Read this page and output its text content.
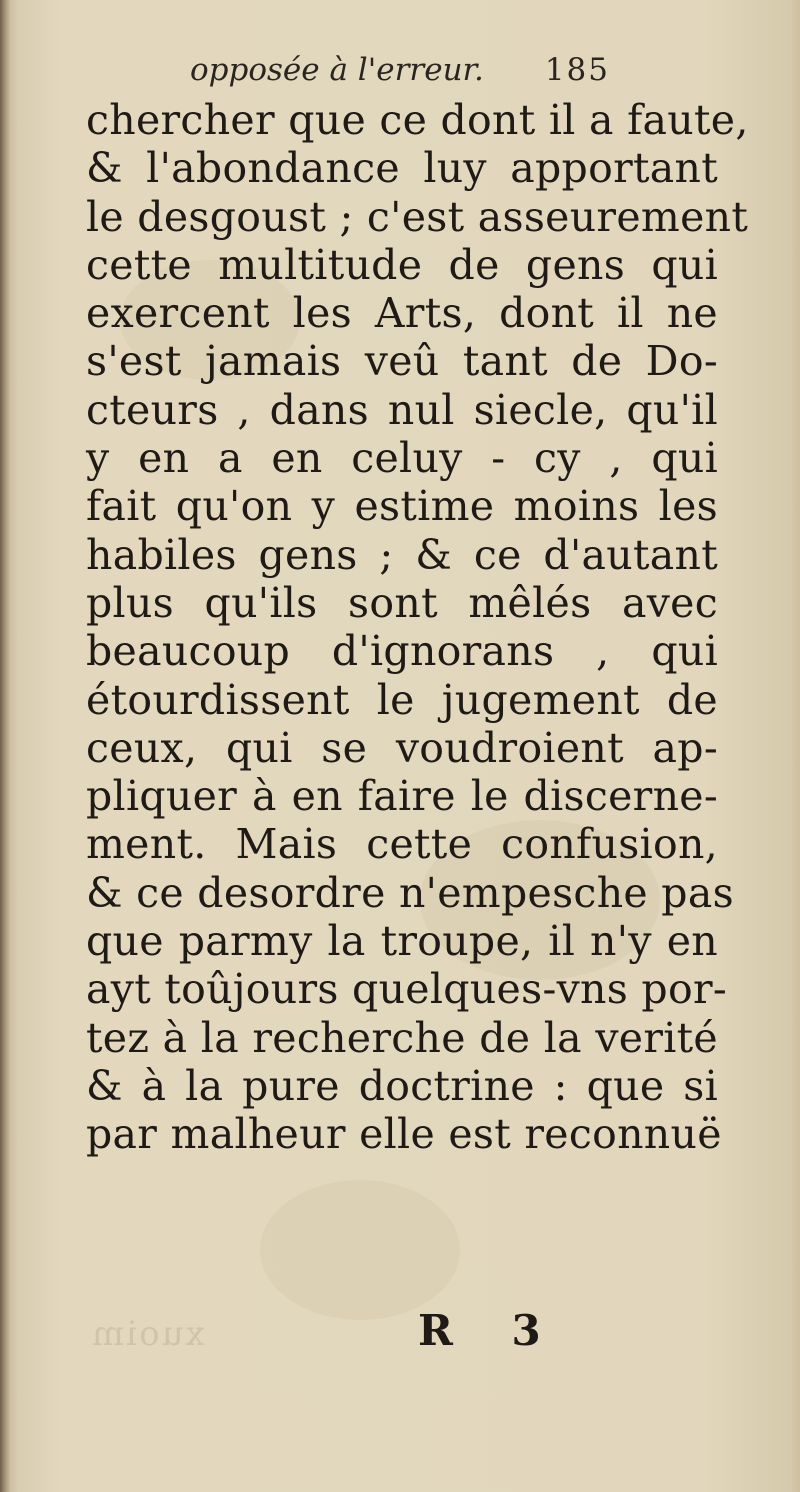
opposée à l'erreur. 185
chercher que ce dont il a faute,
& l'abondance luy apportant
le desgoust ; c'est asseurement
cette multitude de gens qui
exercent les Arts, dont il ne
s'est jamais veû tant de Do-
cteurs , dans nul siecle, qu'il
y en a en celuy - cy , qui
fait qu'on y estime moins les
habiles gens ; & ce d'autant
plus qu'ils sont mêlés avec
beaucoup d'ignorans , qui
étourdissent le jugement de
ceux, qui se voudroient ap-
pliquer à en faire le discerne-
ment. Mais cette confusion,
& ce desordre n'empesche pas
que parmy la troupe, il n'y en
ayt toûjours quelques-vns por-
tez à la recherche de la verité
& à la pure doctrine : que si
par malheur elle est reconnuë
xuoim	R 3
